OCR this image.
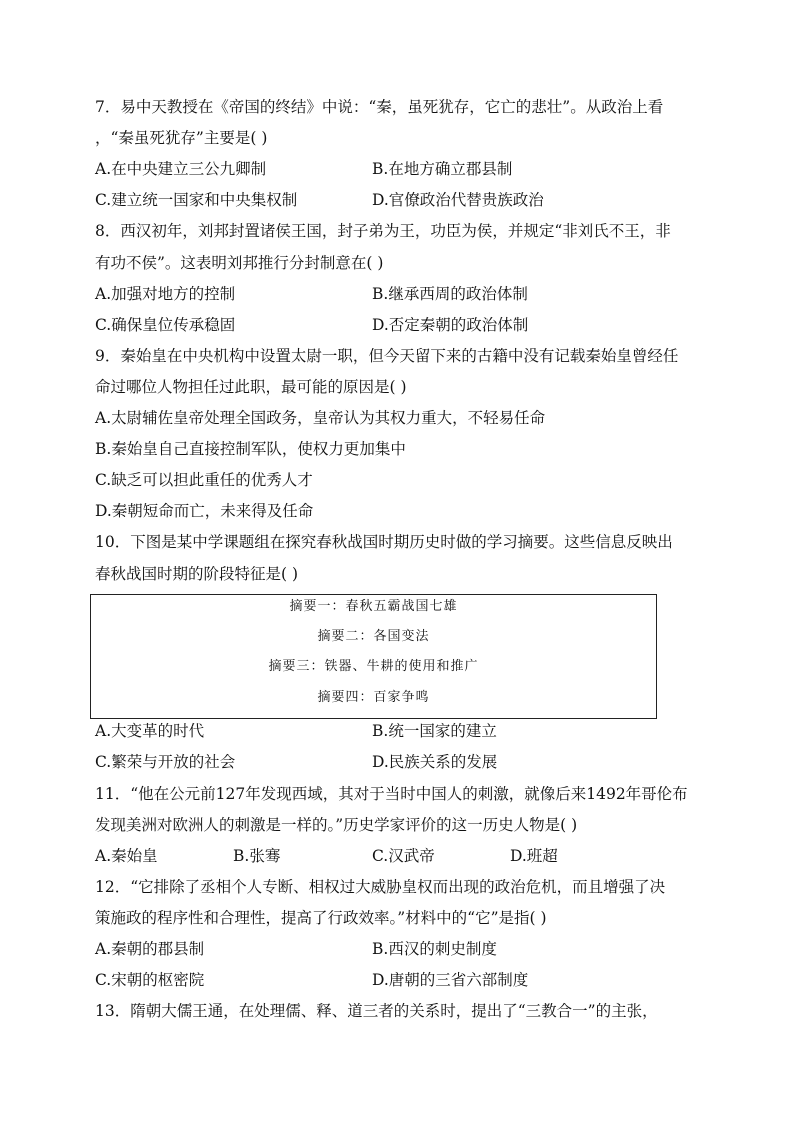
7．易中天教授在《帝国的终结》中说：“秦，虽死犹存，它亡的悲壮”。从政治上看
，“秦虽死犹存”主要是( )
A.在中央建立三公九卿制	B.在地方确立郡县制
C.建立统一国家和中央集权制	D.官僚政治代替贵族政治
8．西汉初年，刘邦封置诸侯王国，封子弟为王，功臣为侯，并规定“非刘氏不王，非
有功不侯”。这表明刘邦推行分封制意在( )
A.加强对地方的控制	B.继承西周的政治体制
C.确保皇位传承稳固	D.否定秦朝的政治体制
9．秦始皇在中央机构中设置太尉一职，但今天留下来的古籍中没有记载秦始皇曾经任
命过哪位人物担任过此职，最可能的原因是( )
A.太尉辅佐皇帝处理全国政务，皇帝认为其权力重大，不轻易任命
B.秦始皇自己直接控制军队，使权力更加集中
C.缺乏可以担此重任的优秀人才
D.秦朝短命而亡，未来得及任命
10．下图是某中学课题组在探究春秋战国时期历史时做的学习摘要。这些信息反映出
春秋战国时期的阶段特征是( )
摘要一：春秋五霸战国七雄
摘要二：各国变法
摘要三：铁器、牛耕的使用和推广
摘要四：百家争鸣
A.大变革的时代	B.统一国家的建立
C.繁荣与开放的社会	D.民族关系的发展
11．“他在公元前127年发现西域，其对于当时中国人的刺激，就像后来1492年哥伦布
发现美洲对欧洲人的刺激是一样的。”历史学家评价的这一历史人物是( )
A.秦始皇	B.张骞	C.汉武帝	D.班超
12．“它排除了丞相个人专断、相权过大威胁皇权而出现的政治危机，而且增强了决
策施政的程序性和合理性，提高了行政效率。”材料中的“它”是指( )
A.秦朝的郡县制	B.西汉的刺史制度
C.宋朝的枢密院	D.唐朝的三省六部制度
13．隋朝大儒王通，在处理儒、释、道三者的关系时，提出了“三教合一”的主张，
